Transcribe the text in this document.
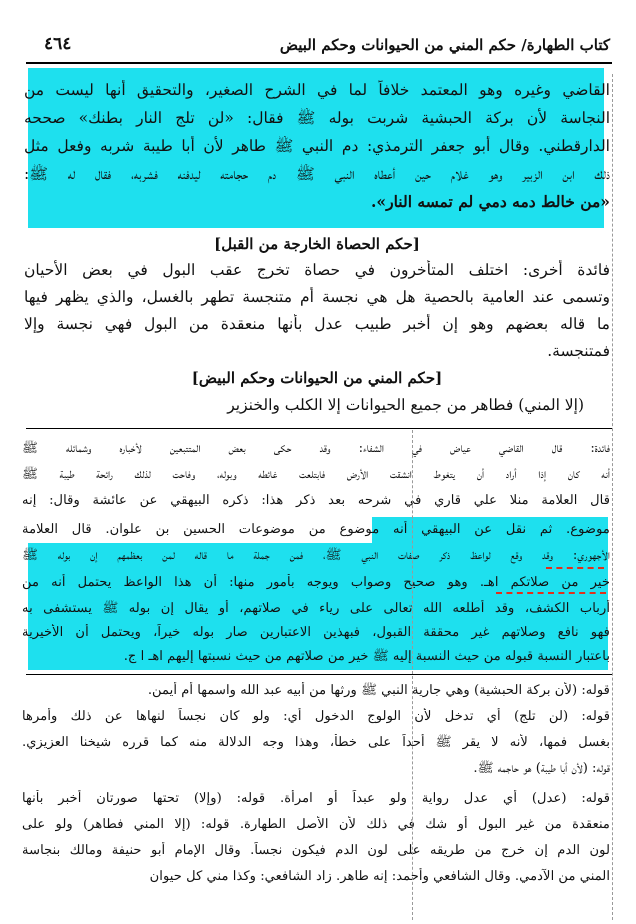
٤٦٤	كتاب الطهارة/ حكم المني من الحيوانات وحكم البيض
القاضي وغيره وهو المعتمد خلافاً لما في الشرح الصغير، والتحقيق أنها ليست من
النجاسة لأن بركة الحبشية شربت بوله ﷺ فقال: «لن تلج النار بطنك» صححه
الدارقطني. وقال أبو جعفر الترمذي: دم النبي ﷺ طاهر لأن أبا طيبة شربه وفعل مثل
ذلك ابن الزبير وهو غلام حين أعطاه النبي ﷺ دم حجامته ليدفنه فشربه، فقال له ﷺ:
«من خالط دمه دمي لم تمسه النار».
[حكم الحصاة الخارجة من القبل]
فائدة أخرى: اختلف المتأخرون في حصاة تخرج عقب البول في بعض الأحيان
وتسمى عند العامية بالحصية هل هي نجسة أم متنجسة تطهر بالغسل، والذي يظهر فيها
ما قاله بعضهم وهو إن أخبر طبيب عدل بأنها منعقدة من البول فهي نجسة وإلا
فمتنجسة.
[حكم المني من الحيوانات وحكم البيض]
(إلا المني) فطاهر من جميع الحيوانات إلا الكلب والخنزير
فائدة: قال القاضي عياض في الشفاء: وقد حكى بعض المتتبعين لأخباره وشمائله ﷺ
أنه كان إذا أراد أن يتغوط انشقت الأرض فابتلعت غائطه وبوله، وفاحت لذلك رائحة طيبة ﷺ
قال العلامة منلا علي قاري في شرحه بعد ذكر هذا: ذكره البيهقي عن عائشة وقال: إنه
موضوع. ثم نقل عن البيهقي أنه موضوع من موضوعات الحسين بن علوان. قال العلامة
الأجهوري: وقد وقع لواعظ ذكر صفات النبي ﷺ، فمن جملة ما قاله لمن بعظمهم إن بوله ﷺ
خير من صلاتكم اهـ. وهو صحيح وصواب ويوجه بأمور منها: أن هذا الواعظ يحتمل أنه من
أرباب الكشف، وقد أطلعه الله تعالى على رياء في صلاتهم، أو يقال إن بوله ﷺ يستشفى به
فهو نافع وصلاتهم غير محققة القبول، فبهذين الاعتبارين صار بوله خيراً، ويحتمل أن الأخيرية
باعتبار النسبة قبوله من حيث النسبة إليه ﷺ خير من صلاتهم من حيث نسبتها إليهم اهـ ا ج.
قوله: (لأن بركة الحبشية) وهي جارية النبي ﷺ ورثها من أبيه عبد الله واسمها أم أيمن.
قوله: (لن تلج) أي تدخل لأن الولوج الدخول أي: ولو كان نجساً لنهاها عن ذلك وأمرها
بغسل فمها، لأنه لا يقر ﷺ أحداً على خطأ، وهذا وجه الدلالة منه كما قرره شيخنا العزيزي.
قوله: (لأن أبا طيبة) هو حاجمه ﷺ.
قوله: (عدل) أي عدل رواية ولو عبداً أو امرأة. قوله: (وإلا) تحتها صورتان أخبر بأنها
منعقدة من غير البول أو شك في ذلك لأن الأصل الطهارة. قوله: (إلا المني فطاهر) ولو على
لون الدم إن خرج من طريقه على لون الدم فيكون نجساً. وقال الإمام أبو حنيفة ومالك بنجاسة
المني من الآدمي. وقال الشافعي وأحمد: إنه طاهر. زاد الشافعي: وكذا مني كل حيوان
